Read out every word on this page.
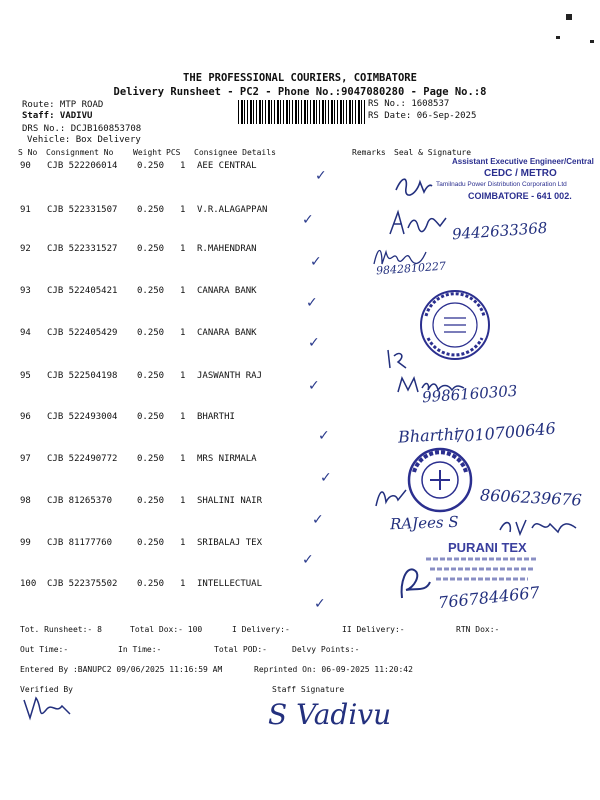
THE PROFESSIONAL COURIERS, COIMBATORE
Delivery Runsheet - PC2 - Phone No.:9047080280 - Page No.:8
Route: MTP ROAD
Staff: VADIVU
DRS No.: DCJB160853708
Vehicle: Box Delivery
RS No.: 1608537
RS Date: 06-Sep-2025
S No Consignment No Weight PCS Consignee Details	Remarks Seal & Signature
90 CJB 522206014 0.250 1 AEE CENTRAL
91 CJB 522331507 0.250 1 V.R.ALAGAPPAN
92 CJB 522331527 0.250 1 R.MAHENDRAN
93 CJB 522405421 0.250 1 CANARA BANK
94 CJB 522405429 0.250 1 CANARA BANK
95 CJB 522504198 0.250 1 JASWANTH RAJ
96 CJB 522493004 0.250 1 BHARTHI
97 CJB 522490772 0.250 1 MRS NIRMALA
98 CJB 81265370	0.250 1 SHALINI NAIR
99 CJB 81177760	0.250 1 SRIBALAJ TEX
100 CJB 522375502 0.250 1 INTELLECTUAL
✓
✓
✓
✓
✓
✓
✓
✓
✓
✓
✓
Assistant Executive Engineer/Central
CEDC / METRO
Tamilnadu Power Distribution Corporation Ltd
COIMBATORE - 641 002.
9442633368
9842810227
9986160303
Bharthi
7010700646
8606239676
RAJees S
PURANI TEX
7667844667
Tot. Runsheet:- 8	Total Dox:- 100	I Delivery:-	II Delivery:-	RTN Dox:-
Out Time:-	In Time:-	Total POD:-	Delvy Points:-
Entered By :BANUPC2 09/06/2025 11:16:59 AM	Reprinted On: 06-09-2025 11:20:42
Verified By	Staff Signature
S Vadivu
